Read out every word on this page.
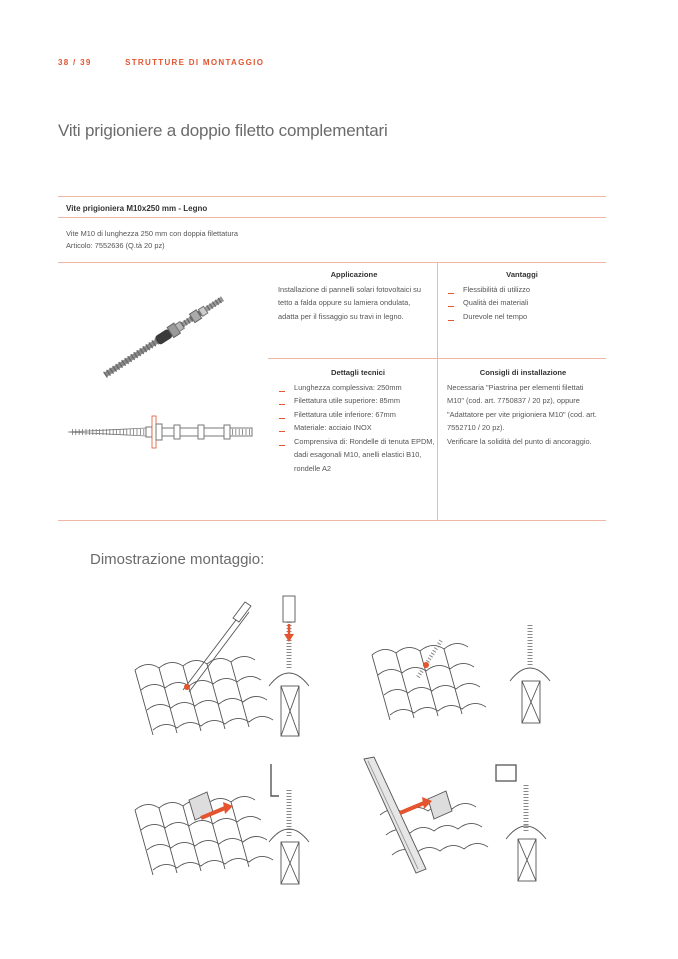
38 / 39	STRUTTURE DI MONTAGGIO
Viti prigioniere a doppio filetto complementari
Vite prigioniera M10x250 mm - Legno
Vite M10 di lunghezza 250 mm con doppia filettatura
Articolo: 7552636 (Q.tà 20 pz)
Applicazione

Installazione di pannelli solari fotovoltaici su tetto a falda oppure su lamiera ondulata, adatta per il fissaggio su travi in legno.

Vantaggi
Flessibilità di utilizzo
Qualità dei materiali
Durevole nel tempo
Dettagli tecnici
Lunghezza complessiva: 250mm
Filettatura utile superiore: 85mm
Filettatura utile inferiore: 67mm
Materiale: acciaio INOX
Comprensiva di: Rondelle di tenuta EPDM, dadi esagonali M10, anelli elastici B10, rondelle A2
Consigli di installazione

Necessaria "Piastrina per elementi filettati M10" (cod. art. 7750837 / 20 pz), oppure "Adattatore per vite prigioniera M10" (cod. art. 7552710 / 20 pz).

Verificare la solidità del punto di ancoraggio.

Dimostrazione montaggio:
